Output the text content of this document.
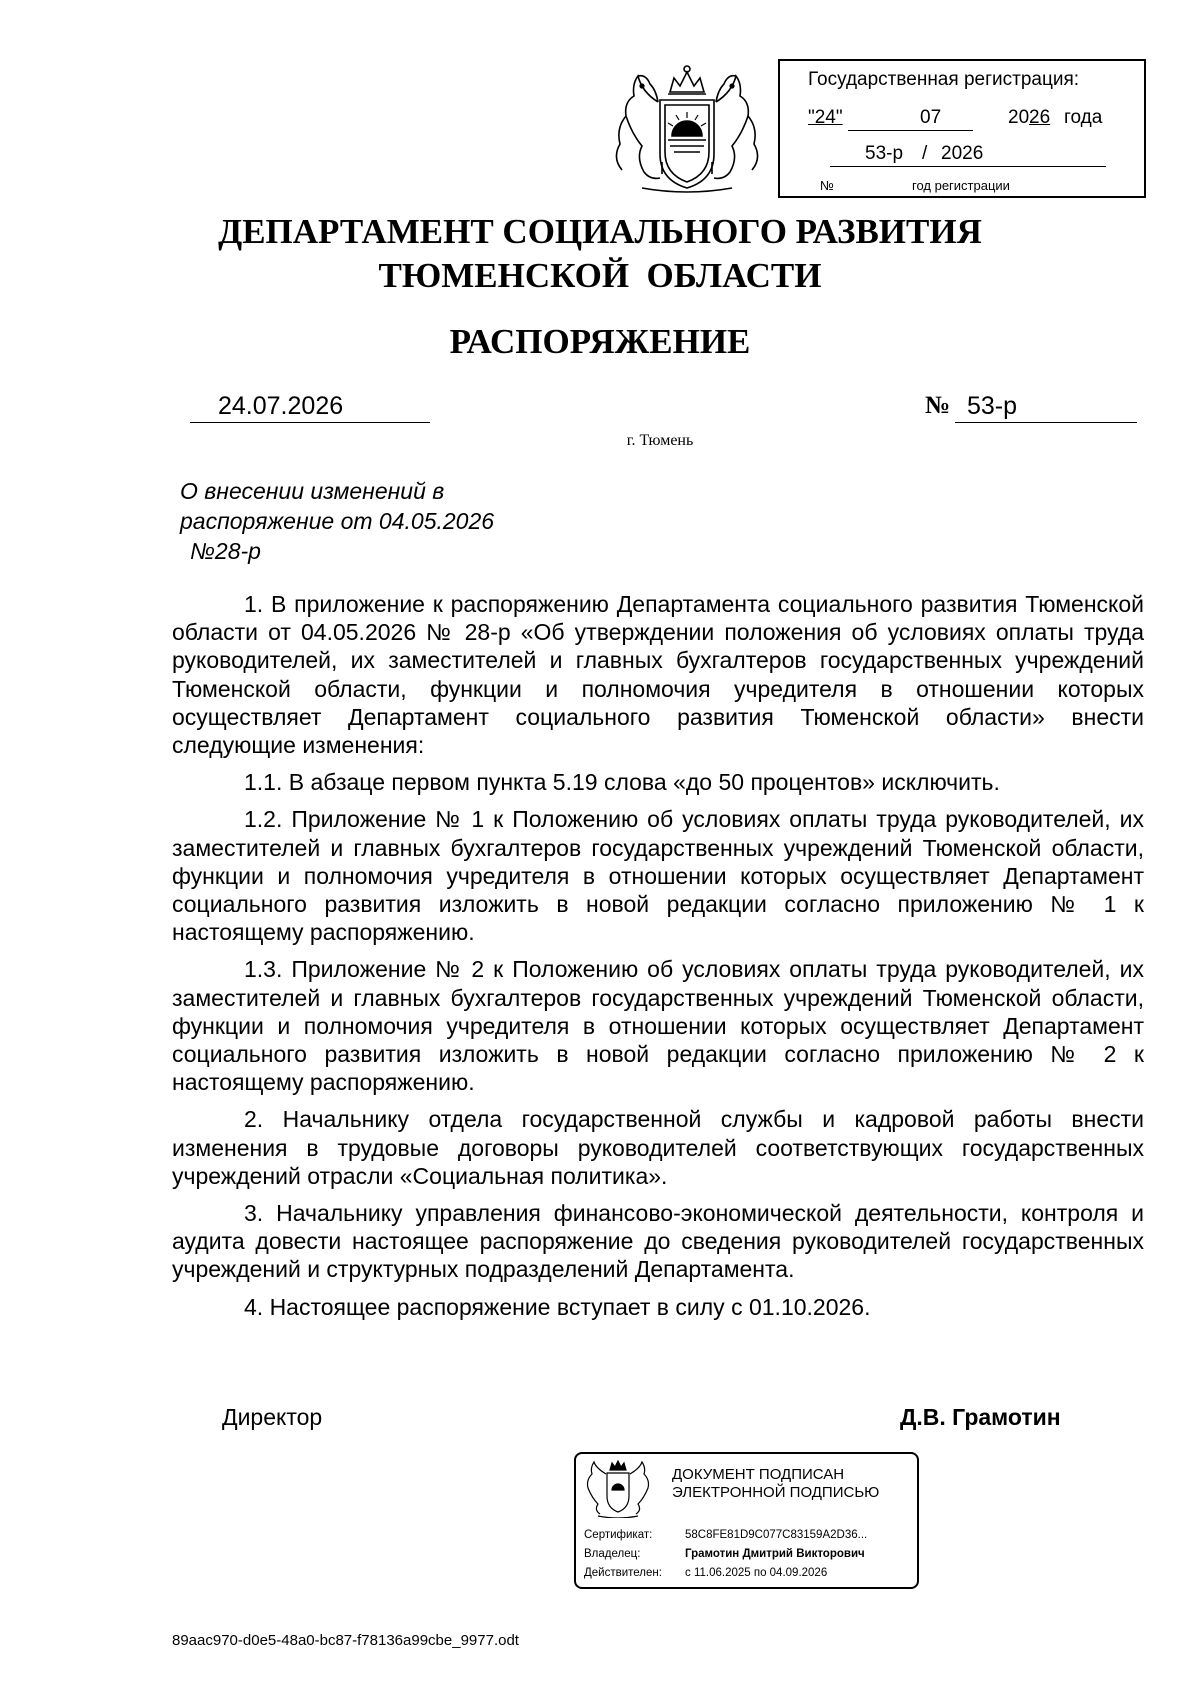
Государственная регистрация:
"24"	07	20 26 года
53-р / 2026
№	год регистрации
ДЕПАРТАМЕНТ СОЦИАЛЬНОГО РАЗВИТИЯ
ТЮМЕНСКОЙ  ОБЛАСТИ
РАСПОРЯЖЕНИЕ
24.07.2026	№ 53-р
г. Тюмень
О внесении изменений в
распоряжение от 04.05.2026
№28-р

1. В приложение к распоряжению Департамента социального развития Тюменской области от 04.05.2026 № 28-р «Об утверждении положения об условиях оплаты труда руководителей, их заместителей и главных бухгалтеров государственных учреждений Тюменской области, функции и полномочия учредителя в отношении которых осуществляет Департамент социального развития Тюменской области» внести следующие изменения:

1.1. В абзаце первом пункта 5.19 слова «до 50 процентов» исключить.

1.2. Приложение № 1 к Положению об условиях оплаты труда руководителей, их заместителей и главных бухгалтеров государственных учреждений Тюменской области, функции и полномочия учредителя в отношении которых осуществляет Департамент социального развития изложить в новой редакции согласно приложению № 1 к настоящему распоряжению.

1.3. Приложение № 2 к Положению об условиях оплаты труда руководителей, их заместителей и главных бухгалтеров государственных учреждений Тюменской области, функции и полномочия учредителя в отношении которых осуществляет Департамент социального развития изложить в новой редакции согласно приложению № 2 к настоящему распоряжению.

2. Начальнику отдела государственной службы и кадровой работы внести изменения в трудовые договоры руководителей соответствующих государственных учреждений отрасли «Социальная политика».

3. Начальнику управления финансово-экономической деятельности, контроля и аудита довести настоящее распоряжение до сведения руководителей государственных учреждений и структурных подразделений Департамента.

4. Настоящее распоряжение вступает в силу с 01.10.2026.

Директор	Д.В. Грамотин
ДОКУМЕНТ ПОДПИСАН
ЭЛЕКТРОННОЙ ПОДПИСЬЮ
Сертификат:	58C8FE81D9C077C83159A2D36...
Владелец:	Грамотин Дмитрий Викторович
Действителен: с 11.06.2025 по 04.09.2026
89aac970-d0e5-48a0-bc87-f78136a99cbe_9977.odt
